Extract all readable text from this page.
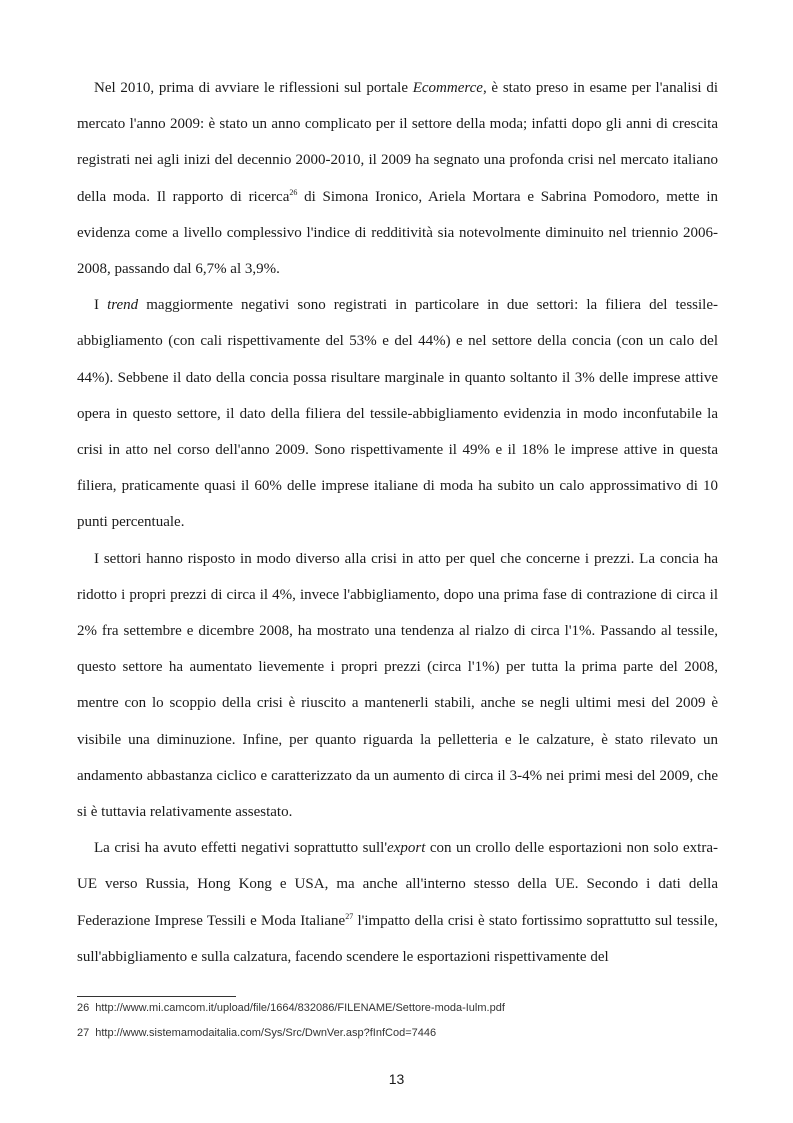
Nel 2010, prima di avviare le riflessioni sul portale Ecommerce, è stato preso in esame per l'analisi di mercato l'anno 2009: è stato un anno complicato per il settore della moda; infatti dopo gli anni di crescita registrati nei agli inizi del decennio 2000-2010, il 2009 ha segnato una profonda crisi nel mercato italiano della moda. Il rapporto di ricerca$^{26}$ di Simona Ironico, Ariela Mortara e Sabrina Pomodoro, mette in evidenza come a livello complessivo l'indice di redditività sia notevolmente diminuito nel triennio 2006-2008, passando dal 6,7% al 3,9%.

I trend maggiormente negativi sono registrati in particolare in due settori: la filiera del tessile-abbigliamento (con cali rispettivamente del 53% e del 44%) e nel settore della concia (con un calo del 44%). Sebbene il dato della concia possa risultare marginale in quanto soltanto il 3% delle imprese attive opera in questo settore, il dato della filiera del tessile-abbigliamento evidenzia in modo inconfutabile la crisi in atto nel corso dell'anno 2009. Sono rispettivamente il 49% e il 18% le imprese attive in questa filiera, praticamente quasi il 60% delle imprese italiane di moda ha subito un calo approssimativo di 10 punti percentuale.

I settori hanno risposto in modo diverso alla crisi in atto per quel che concerne i prezzi. La concia ha ridotto i propri prezzi di circa il 4%, invece l'abbigliamento, dopo una prima fase di contrazione di circa il 2% fra settembre e dicembre 2008, ha mostrato una tendenza al rialzo di circa l'1%. Passando al tessile, questo settore ha aumentato lievemente i propri prezzi (circa l'1%) per tutta la prima parte del 2008, mentre con lo scoppio della crisi è riuscito a mantenerli stabili, anche se negli ultimi mesi del 2009 è visibile una diminuzione. Infine, per quanto riguarda la pelletteria e le calzature, è stato rilevato un andamento abbastanza ciclico e caratterizzato da un aumento di circa il 3-4% nei primi mesi del 2009, che si è tuttavia relativamente assestato.

La crisi ha avuto effetti negativi soprattutto sull'export con un crollo delle esportazioni non solo extra-UE verso Russia, Hong Kong e USA, ma anche all'interno stesso della UE. Secondo i dati della Federazione Imprese Tessili e Moda Italiane$^{27}$ l'impatto della crisi è stato fortissimo soprattutto sul tessile, sull'abbigliamento e sulla calzatura, facendo scendere le esportazioni rispettivamente del

26 http://www.mi.camcom.it/upload/file/1664/832086/FILENAME/Settore-moda-Iulm.pdf
27 http://www.sistemamodaitalia.com/Sys/Src/DwnVer.asp?fInfCod=7446
13
